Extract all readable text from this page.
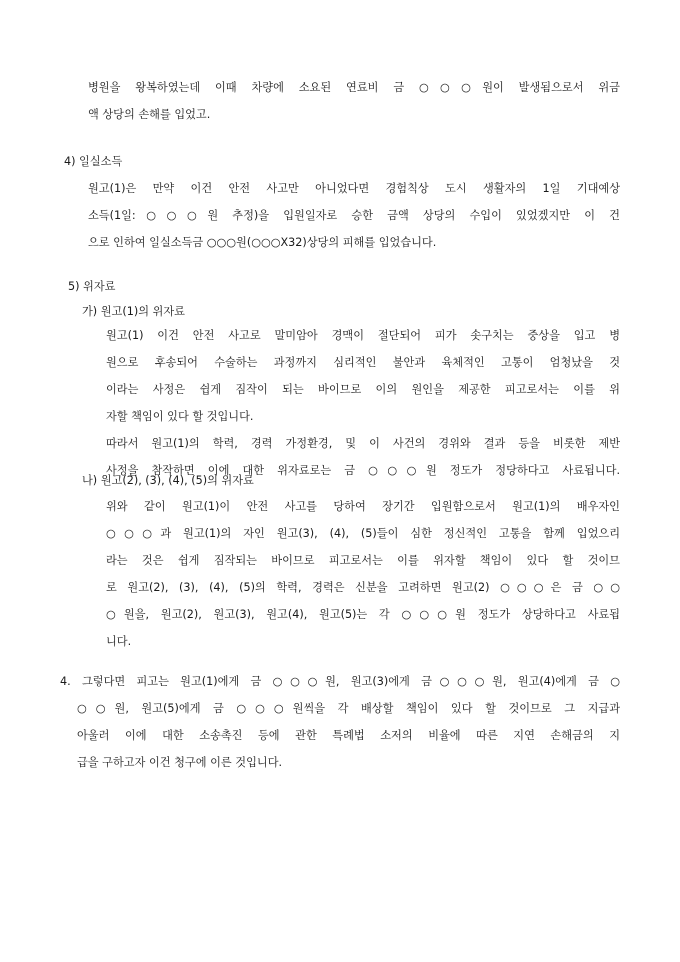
병원을 왕복하였는데 이때 차량에 소요된 연료비 금 ○○○원이 발생됨으로서 위금
액 상당의 손해를 입었고.
4) 일실소득
원고(1)은 만약 이건 안전 사고만 아니었다면 경험칙상 도시 생활자의 1일 기대예상
소득(1일:○○○원 추정)을 입원일자로 승한 금액 상당의 수입이 있었겠지만 이 건
으로 인하여 일실소득금 ○○○원(○○○X32)상당의 피해를 입었습니다.
5) 위자료
가) 원고(1)의 위자료
원고(1) 이건 안전 사고로 말미암아 경맥이 절단되어 피가 솟구치는 중상을 입고 병
원으로 후송되어 수술하는 과정까지 심리적인 불안과 육체적인 고통이 엄청났을 것
이라는 사정은 쉽게 짐작이 되는 바이므로 이의 원인을 제공한 피고로서는 이를 위
자할 책임이 있다 할 것입니다.
따라서 원고(1)의 학력, 경력 가정환경, 및 이 사건의 경위와 결과 등을 비롯한 제반
사정을 참작하면 이에 대한 위자료로는 금 ○○○원 정도가 정당하다고 사료됩니다.
나) 원고(2), (3), (4), (5)의 위자료
위와 같이 원고(1)이 안전 사고를 당하여 장기간 입원함으로서 원고(1)의 배우자인
○○○과 원고(1)의 자인 원고(3), (4), (5)들이 심한 정신적인 고통을 함께 입었으리
라는 것은 쉽게 짐작되는 바이므로 피고로서는 이를 위자할 책임이 있다 할 것이므
로 원고(2), (3), (4), (5)의 학력, 경력은 신분을 고려하면 원고(2) ○○○은 금 ○○
○원을, 원고(2), 원고(3), 원고(4), 원고(5)는 각 ○○○원 정도가 상당하다고 사료됩
니다.
4. 그렇다면 피고는 원고(1)에게 금 ○○○원, 원고(3)에게 금○○○원, 원고(4)에게 금 ○
○○원, 원고(5)에게 금 ○○○원씩을 각 배상할 책임이 있다 할 것이므로 그 지급과
아울러 이에 대한 소송촉진 등에 관한 특례법 소저의 비율에 따른 지연 손해금의 지
급을 구하고자 이건 청구에 이른 것입니다.
